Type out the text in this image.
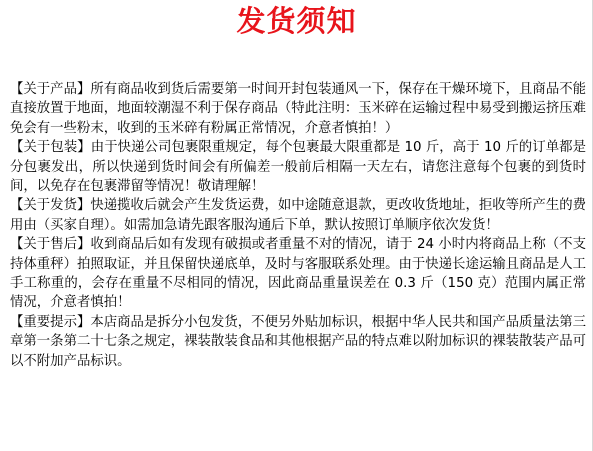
发货须知

【关于产品】所有商品收到货后需要第一时间开封包装通风一下，保存在干燥环境下，且商品不能直接放置于地面，地面较潮湿不利于保存商品（特此注明：玉米碎在运输过程中易受到搬运挤压难免会有一些粉末，收到的玉米碎有粉属正常情况，介意者慎拍！）

【关于包装】由于快递公司包裹限重规定，每个包裹最大限重都是 10 斤，高于 10 斤的订单都是分包裹发出，所以快递到货时间会有所偏差一般前后相隔一天左右，请您注意每个包裹的到货时间，以免存在包裹滞留等情况！敬请理解！

【关于发货】快递揽收后就会产生发货运费，如中途随意退款，更改收货地址，拒收等所产生的费用由（买家自理）。如需加急请先跟客服沟通后下单，默认按照订单顺序依次发货！

【关于售后】收到商品后如有发现有破损或者重量不对的情况，请于 24 小时内将商品上称（不支持体重秤）拍照取证，并且保留快递底单，及时与客服联系处理。由于快递长途运输且商品是人工手工称重的，会存在重量不尽相同的情况，因此商品重量误差在 0.3 斤（150 克）范围内属正常情况，介意者慎拍！

【重要提示】本店商品是拆分小包发货，不便另外贴加标识，根据中华人民共和国产品质量法第三章第一条第二十七条之规定，裸装散装食品和其他根据产品的特点难以附加标识的裸装散装产品可以不附加产品标识。
